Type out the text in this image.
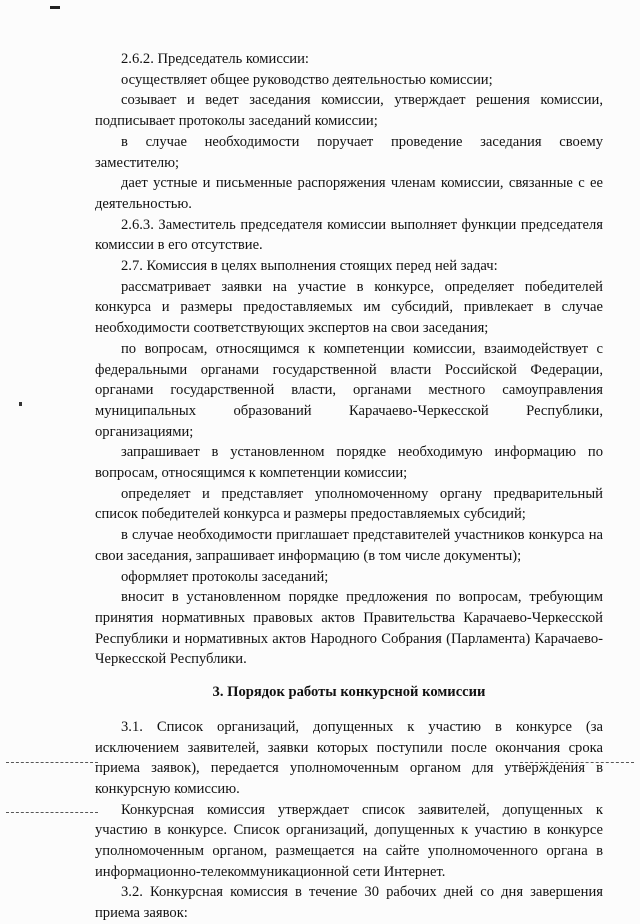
2.6.2. Председатель комиссии:

осуществляет общее руководство деятельностью комиссии;

созывает и ведет заседания комиссии, утверждает решения комиссии, подписывает протоколы заседаний комиссии;

в случае необходимости поручает проведение заседания своему заместителю;

дает устные и письменные распоряжения членам комиссии, связанные с ее деятельностью.

2.6.3. Заместитель председателя комиссии выполняет функции председателя комиссии в его отсутствие.

2.7. Комиссия в целях выполнения стоящих перед ней задач:

рассматривает заявки на участие в конкурсе, определяет победителей конкурса и размеры предоставляемых им субсидий, привлекает в случае необходимости соответствующих экспертов на свои заседания;

по вопросам, относящимся к компетенции комиссии, взаимодействует с федеральными органами государственной власти Российской Федерации, органами государственной власти, органами местного самоуправления муниципальных образований Карачаево-Черкесской Республики, организациями;

запрашивает в установленном порядке необходимую информацию по вопросам, относящимся к компетенции комиссии;

определяет и представляет уполномоченному органу предварительный список победителей конкурса и размеры предоставляемых субсидий;

в случае необходимости приглашает представителей участников конкурса на свои заседания, запрашивает информацию (в том числе документы);

оформляет протоколы заседаний;

вносит в установленном порядке предложения по вопросам, требующим принятия нормативных правовых актов Правительства Карачаево-Черкесской Республики и нормативных актов Народного Собрания (Парламента) Карачаево-Черкесской Республики.

3. Порядок работы конкурсной комиссии

3.1. Список организаций, допущенных к участию в конкурсе (за исключением заявителей, заявки которых поступили после окончания срока приема заявок), передается уполномоченным органом для утверждения в конкурсную комиссию.

Конкурсная комиссия утверждает список заявителей, допущенных к участию в конкурсе. Список организаций, допущенных к участию в конкурсе уполномоченным органом, размещается на сайте уполномоченного органа в информационно-телекоммуникационной сети Интернет.

3.2. Конкурсная комиссия в течение 30 рабочих дней со дня завершения приема заявок:
